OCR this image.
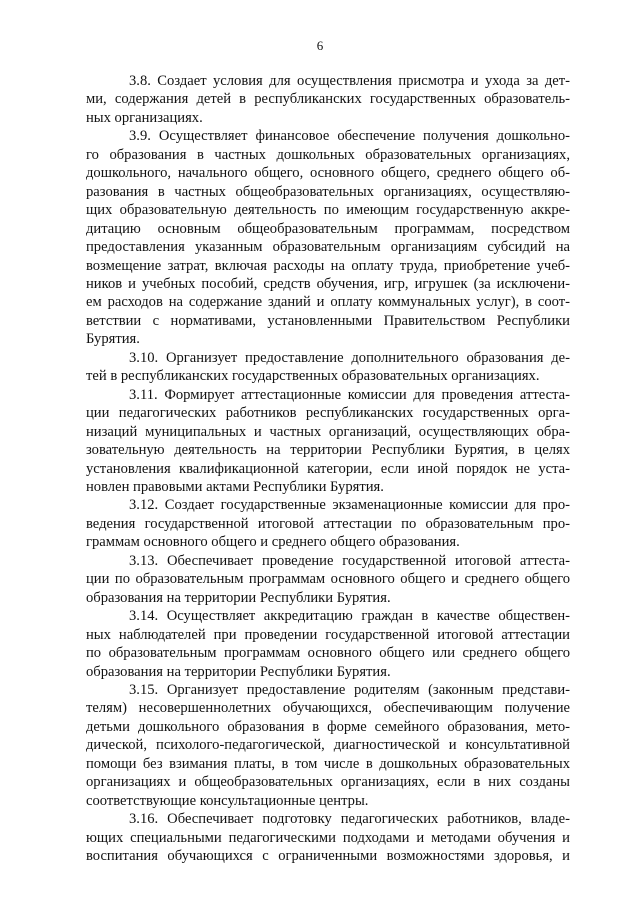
6

3.8. Создает условия для осуществления присмотра и ухода за дет-
ми, содержания детей в республиканских государственных образователь-
ных организациях.

3.9. Осуществляет финансовое обеспечение получения дошкольно-
го образования в частных дошкольных образовательных организациях,
дошкольного, начального общего, основного общего, среднего общего об-
разования в частных общеобразовательных организациях, осуществляю-
щих образовательную деятельность по имеющим государственную аккре-
дитацию основным общеобразовательным программам, посредством
предоставления указанным образовательным организациям субсидий на
возмещение затрат, включая расходы на оплату труда, приобретение учеб-
ников и учебных пособий, средств обучения, игр, игрушек (за исключени-
ем расходов на содержание зданий и оплату коммунальных услуг), в соот-
ветствии с нормативами, установленными Правительством Республики
Бурятия.

3.10. Организует предоставление дополнительного образования де-
тей в республиканских государственных образовательных организациях.

3.11. Формирует аттестационные комиссии для проведения аттеста-
ции педагогических работников республиканских государственных орга-
низаций муниципальных и частных организаций, осуществляющих обра-
зовательную деятельность на территории Республики Бурятия, в целях
установления квалификационной категории, если иной порядок не уста-
новлен правовыми актами Республики Бурятия.

3.12. Создает государственные экзаменационные комиссии для про-
ведения государственной итоговой аттестации по образовательным про-
граммам основного общего и среднего общего образования.

3.13. Обеспечивает проведение государственной итоговой аттеста-
ции по образовательным программам основного общего и среднего общего
образования на территории Республики Бурятия.

3.14. Осуществляет аккредитацию граждан в качестве обществен-
ных наблюдателей при проведении государственной итоговой аттестации
по образовательным программам основного общего или среднего общего
образования на территории Республики Бурятия.

3.15. Организует предоставление родителям (законным представи-
телям) несовершеннолетних обучающихся, обеспечивающим получение
детьми дошкольного образования в форме семейного образования, мето-
дической, психолого-педагогической, диагностической и консультативной
помощи без взимания платы, в том числе в дошкольных образовательных
организациях и общеобразовательных организациях, если в них созданы
соответствующие консультационные центры.

3.16. Обеспечивает подготовку педагогических работников, владе-
ющих специальными педагогическими подходами и методами обучения и
воспитания обучающихся с ограниченными возможностями здоровья, и
